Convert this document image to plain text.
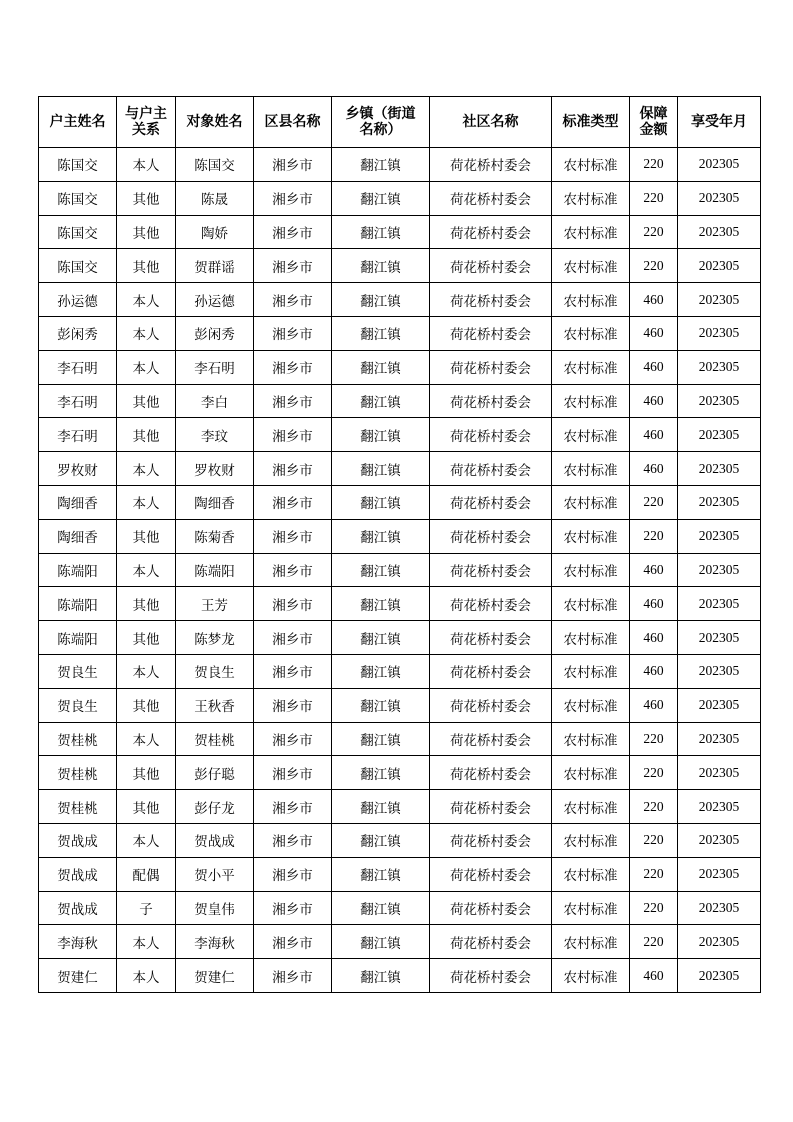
户主姓名	与户主关系	对象姓名	区县名称	乡镇（街道名称）	社区名称	标准类型	保障金额	享受年月
陈国交	本人	陈国交	湘乡市	翻江镇	荷花桥村委会	农村标准	220	202305
陈国交	其他	陈晟	湘乡市	翻江镇	荷花桥村委会	农村标准	220	202305
陈国交	其他	陶娇	湘乡市	翻江镇	荷花桥村委会	农村标准	220	202305
陈国交	其他	贺群谣	湘乡市	翻江镇	荷花桥村委会	农村标准	220	202305
孙运德	本人	孙运德	湘乡市	翻江镇	荷花桥村委会	农村标准	460	202305
彭闲秀	本人	彭闲秀	湘乡市	翻江镇	荷花桥村委会	农村标准	460	202305
李石明	本人	李石明	湘乡市	翻江镇	荷花桥村委会	农村标准	460	202305
李石明	其他	李白	湘乡市	翻江镇	荷花桥村委会	农村标准	460	202305
李石明	其他	李玟	湘乡市	翻江镇	荷花桥村委会	农村标准	460	202305
罗枚财	本人	罗枚财	湘乡市	翻江镇	荷花桥村委会	农村标准	460	202305
陶细香	本人	陶细香	湘乡市	翻江镇	荷花桥村委会	农村标准	220	202305
陶细香	其他	陈菊香	湘乡市	翻江镇	荷花桥村委会	农村标准	220	202305
陈端阳	本人	陈端阳	湘乡市	翻江镇	荷花桥村委会	农村标准	460	202305
陈端阳	其他	王芳	湘乡市	翻江镇	荷花桥村委会	农村标准	460	202305
陈端阳	其他	陈梦龙	湘乡市	翻江镇	荷花桥村委会	农村标准	460	202305
贺良生	本人	贺良生	湘乡市	翻江镇	荷花桥村委会	农村标准	460	202305
贺良生	其他	王秋香	湘乡市	翻江镇	荷花桥村委会	农村标准	460	202305
贺桂桃	本人	贺桂桃	湘乡市	翻江镇	荷花桥村委会	农村标准	220	202305
贺桂桃	其他	彭仔聪	湘乡市	翻江镇	荷花桥村委会	农村标准	220	202305
贺桂桃	其他	彭仔龙	湘乡市	翻江镇	荷花桥村委会	农村标准	220	202305
贺战成	本人	贺战成	湘乡市	翻江镇	荷花桥村委会	农村标准	220	202305
贺战成	配偶	贺小平	湘乡市	翻江镇	荷花桥村委会	农村标准	220	202305
贺战成	子	贺皇伟	湘乡市	翻江镇	荷花桥村委会	农村标准	220	202305
李海秋	本人	李海秋	湘乡市	翻江镇	荷花桥村委会	农村标准	220	202305
贺建仁	本人	贺建仁	湘乡市	翻江镇	荷花桥村委会	农村标准	460	202305
